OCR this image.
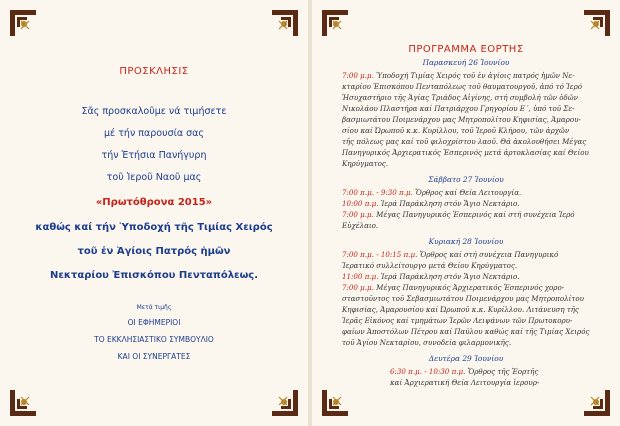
ΠΡΟΣΚΛΗΣΙΣ
Σᾶς προσκαλοῦμε νά τιμήσετε
μέ τήν παρουσία σας
τήν Ἐτήσια Πανήγυρη
τοῦ Ἱεροῦ Ναοῦ μας
«Πρωτόθρονα 2015»
καθώς καί τήν Ὑποδοχή τῆς Τιμίας Χειρός
τοῦ ἐν Ἁγίοις Πατρός ἡμῶν
Νεκταρίου Ἐπισκόπου Πενταπόλεως.
Μετά τιμῆς
ΟΙ ΕΦΗΜΕΡΙΟΙ
ΤΟ ΕΚΚΛΗΣΙΑΣΤΙΚΟ ΣΥΜΒΟΥΛΙΟ
ΚΑΙ ΟΙ ΣΥΝΕΡΓΑΤΕΣ
ΠΡΟΓΡΑΜΜΑ ΕΟΡΤΗΣ
Παρασκευή 26 Ἰουνίου
7:00 μ.μ. Ὑποδοχή Τιμίας Χειρός τοῦ ἐν ἁγίοις πατρός ἡμῶν Νε-
κταρίου Ἐπισκόπου Πενταπόλεως τοῦ θαυματουργοῦ, ἀπό τό Ἱερό
Ἡσυχαστήριο τῆς Ἁγίας Τριάδος Αἰγίνης, στή συμβολή τῶν ὁδῶν
Νικολάου Πλαστήρα καί Πατριάρχου Γρηγορίου Ε΄, ὑπό τοῦ Σε-
βασμιωτάτου Ποιμενάρχου μας Μητροπολίτου Κηφισίας, Ἀμαρου-
σίου καί Ὠρωποῦ κ.κ. Κυρίλλου, τοῦ Ἱεροῦ Κλήρου, τῶν ἀρχῶν
τῆς πόλεως μας καί τοῦ φιλοχρίστου λαοῦ. Θά ἀκολουθήσει Μέγας
Πανηγυρικός Ἀρχιερατικός Ἑσπερινός μετά ἀρτοκλασίας καί Θείου
Κηρύγματος.
Σάββατο 27 Ἰουνίου
7:00 π.μ. - 9:30 π.μ. Ὄρθρος καί Θεία Λειτουργία.
10:00 π.μ. Ἱερά Παράκληση στόν Ἅγιο Νεκτάριο.
7:00 μ.μ. Μέγας Πανηγυρικός Ἑσπερινός καί στή συνέχεια Ἱερό
Εὐχέλαιο.
Κυριακή 28 Ἰουνίου
7:00 π.μ. - 10:15 π.μ. Ὄρθρος καί στή συνέχεια Πανηγυρικό
Ἱερατικό συλλείτουργο μετά Θείου Κηρύγματος.
11:00 π.μ. Ἱερά Παράκληση στόν Ἅγιο Νεκτάριο.
7:00 μ.μ. Μέγας Πανηγυρικός Ἀρχιερατικός Ἑσπερινός χορο-
σταστοῦντος τοῦ Σεβασμιωτάτου Ποιμενάρχου μας Μητροπολίτου
Κηφισίας, Ἀμαρουσίου καί Ὠρωποῦ κ.κ. Κυρίλλου. Λιτάνευση τῆς
Ἱερᾶς Εἰκόνος καί τμημάτων Ἱερῶν Λειψάνων τῶν Πρωτοκορυ-
φαίων Ἀποστόλων Πέτρου καί Παύλου καθώς καί τῆς Τιμίας Χειρός
τοῦ Ἁγίου Νεκταρίου, συνοδεία φιλαρμονικῆς.
Δευτέρα 29 Ἰουνίου
6:30 π.μ. - 10:30 π.μ. Ὄρθρος τῆς Ἑορτῆς
καί Ἀρχιερατική Θεία Λειτουργία ἱερουρ-
